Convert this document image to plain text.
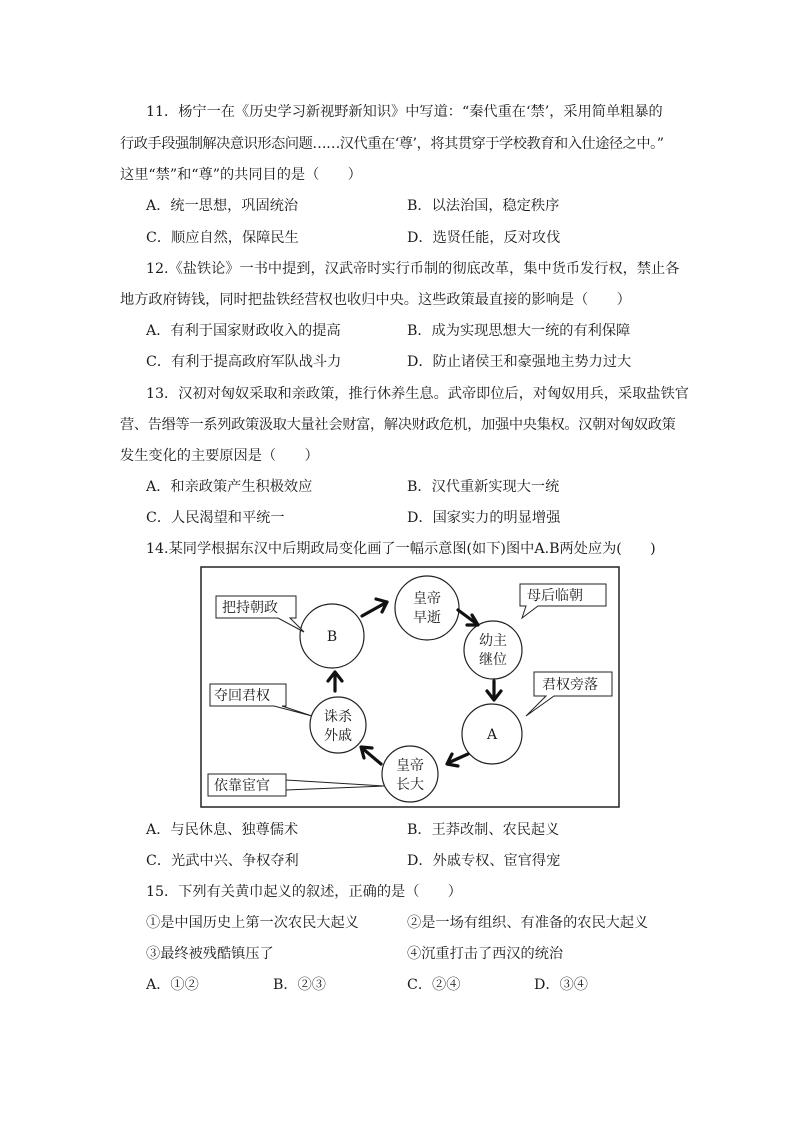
11．杨宁一在《历史学习新视野新知识》中写道：“秦代重在‘禁’，采用简单粗暴的
行政手段强制解决意识形态问题……汉代重在‘尊’，将其贯穿于学校教育和入仕途径之中。”
这里“禁”和“尊”的共同目的是（　　）
A．统一思想，巩固统治	B．以法治国，稳定秩序
C．顺应自然，保障民生	D．选贤任能，反对攻伐
12.《盐铁论》一书中提到，汉武帝时实行币制的彻底改革，集中货币发行权，禁止各
地方政府铸钱，同时把盐铁经营权也收归中央。这些政策最直接的影响是（　　）
A．有利于国家财政收入的提高	B．成为实现思想大一统的有利保障
C．有利于提高政府军队战斗力	D．防止诸侯王和豪强地主势力过大
13．汉初对匈奴采取和亲政策，推行休养生息。武帝即位后，对匈奴用兵，采取盐铁官
营、告缗等一系列政策汲取大量社会财富，解决财政危机，加强中央集权。汉朝对匈奴政策
发生变化的主要原因是（　　）
A．和亲政策产生积极效应	B．汉代重新实现大一统
C．人民渴望和平统一	D．国家实力的明显增强
14.某同学根据东汉中后期政局变化画了一幅示意图(如下)图中A.B两处应为(　　)
B
皇帝
早逝
幼主
继位
A
诛杀
外戚
皇帝
长大
把持朝政
母后临朝
君权旁落
夺回君权
依靠宦官
A．与民休息、独尊儒术	B．王莽改制、农民起义
C．光武中兴、争权夺利	D．外戚专权、宦官得宠
15．下列有关黄巾起义的叙述，正确的是（　　）
①是中国历史上第一次农民大起义	②是一场有组织、有准备的农民大起义
③最终被残酷镇压了	④沉重打击了西汉的统治
A．①②	B．②③	C．②④	D．③④
